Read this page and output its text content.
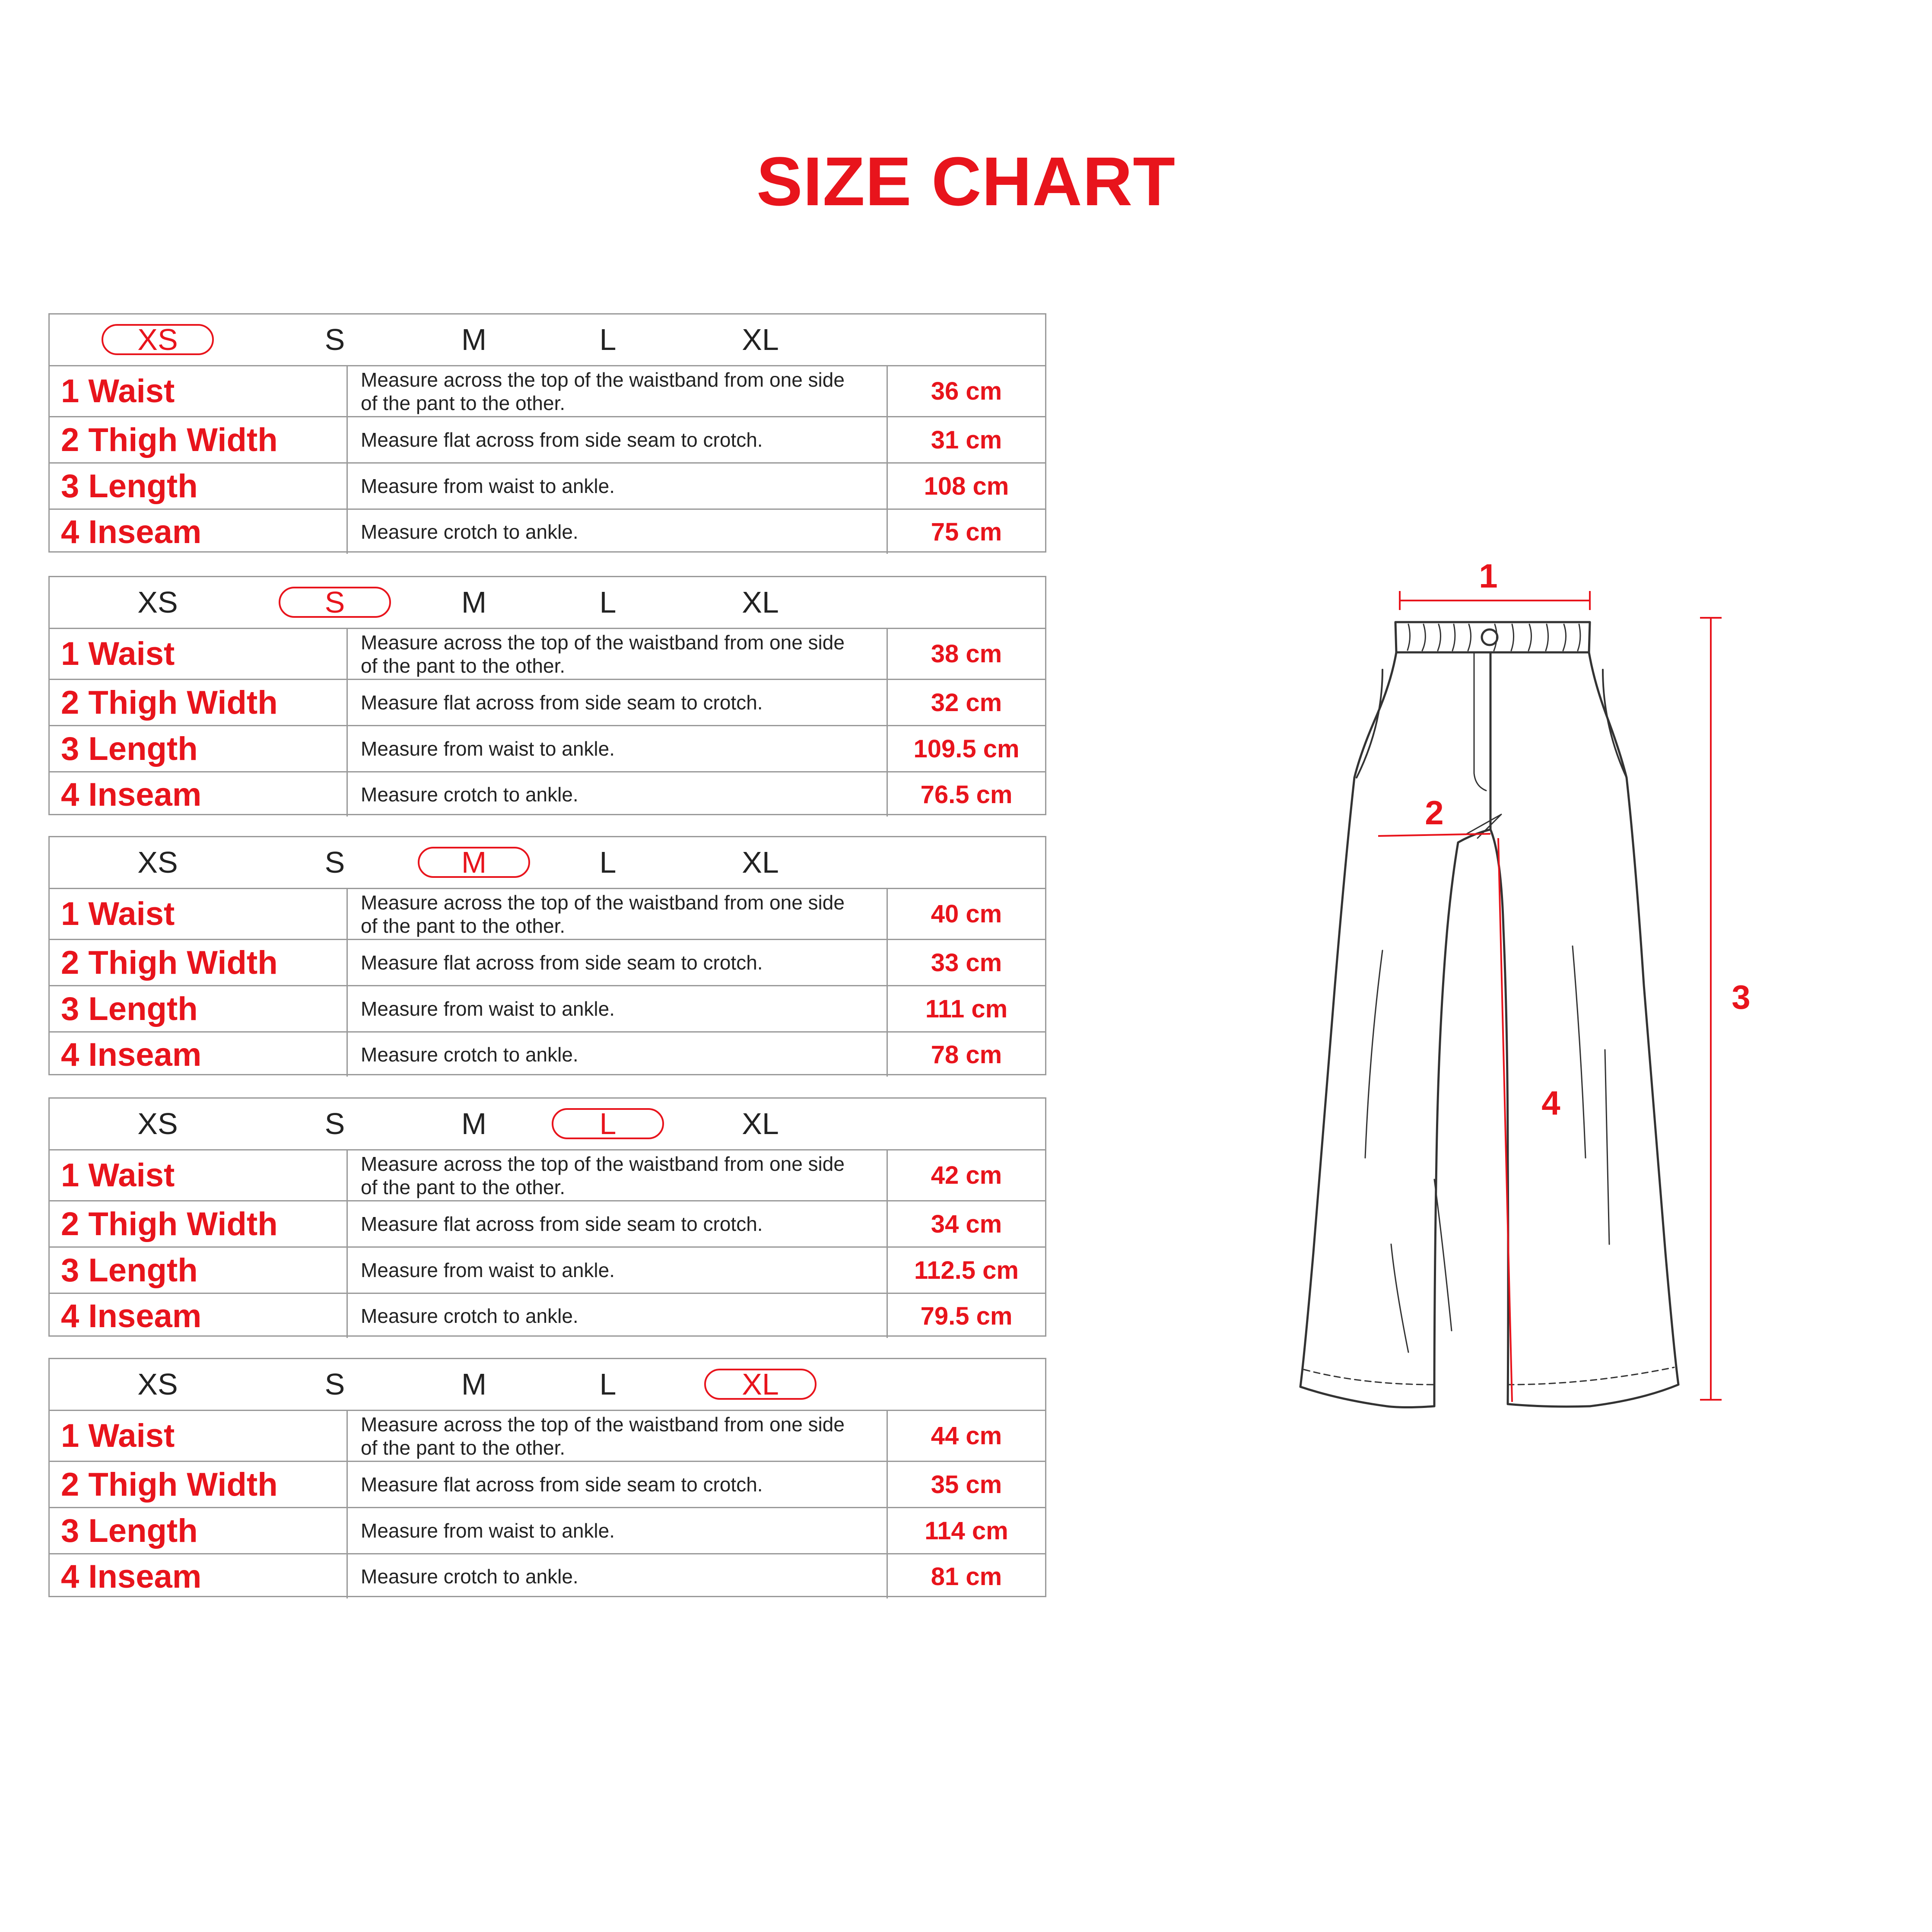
SIZE CHART
XS	S	M	L	XL
1 Waist	Measure across the top of the waistband from one side of the pant to the other.	36 cm
2 Thigh Width	Measure flat across from side seam to crotch.	31 cm
3 Length	Measure from waist to ankle.	108 cm
4 Inseam	Measure crotch to ankle.	75 cm
XS	S	M	L	XL
1 Waist	Measure across the top of the waistband from one side of the pant to the other.	38 cm
2 Thigh Width	Measure flat across from side seam to crotch.	32 cm
3 Length	Measure from waist to ankle.	109.5 cm
4 Inseam	Measure crotch to ankle.	76.5 cm
XS	S	M	L	XL
1 Waist	Measure across the top of the waistband from one side of the pant to the other.	40 cm
2 Thigh Width	Measure flat across from side seam to crotch.	33 cm
3 Length	Measure from waist to ankle.	111 cm
4 Inseam	Measure crotch to ankle.	78 cm
XS	S	M	L	XL
1 Waist	Measure across the top of the waistband from one side of the pant to the other.	42 cm
2 Thigh Width	Measure flat across from side seam to crotch.	34 cm
3 Length	Measure from waist to ankle.	112.5 cm
4 Inseam	Measure crotch to ankle.	79.5 cm
XS	S	M	L	XL
1 Waist	Measure across the top of the waistband from one side of the pant to the other.	44 cm
2 Thigh Width	Measure flat across from side seam to crotch.	35 cm
3 Length	Measure from waist to ankle.	114 cm
4 Inseam	Measure crotch to ankle.	81 cm
1
2
3
4
